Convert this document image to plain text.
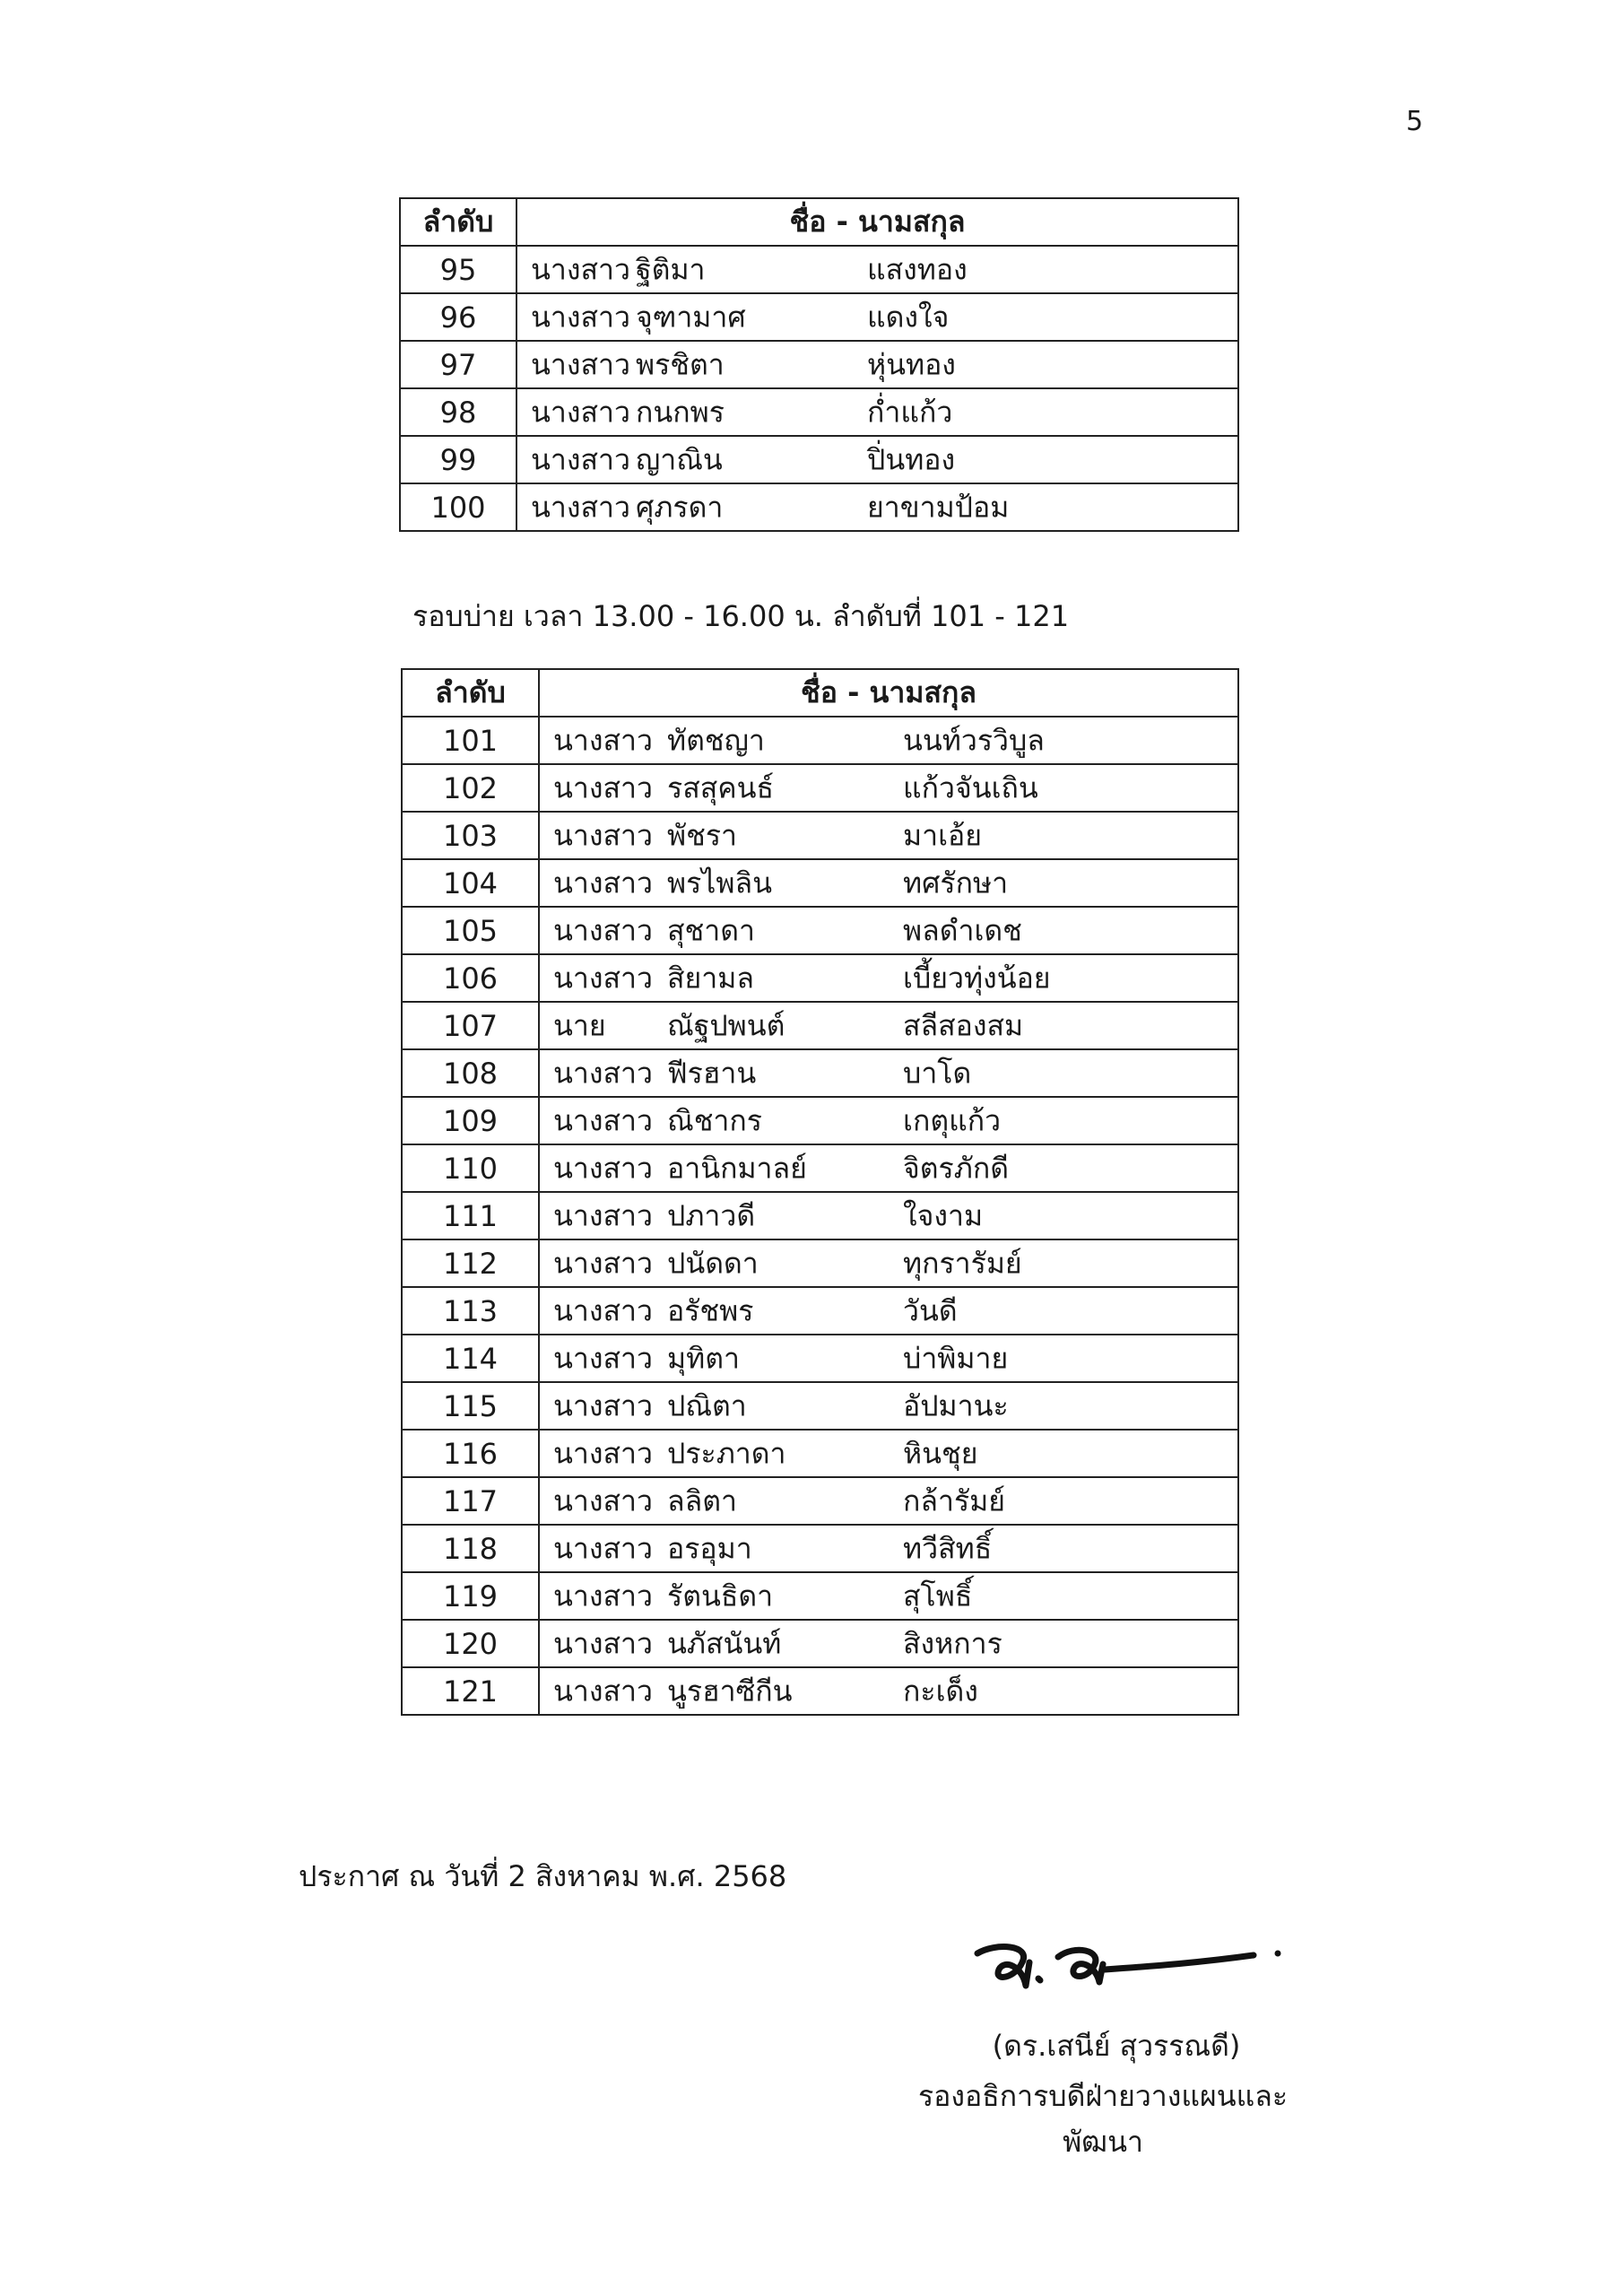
5
ลำดับ	ชื่อ - นามสกุล
95	นางสาว ฐิติมา แสงทอง

96	นางสาว จุฑามาศ แดงใจ

97	นางสาว พรชิตา หุ่นทอง

98	นางสาว กนกพร ก่ำแก้ว

99	นางสาว ญาณิน ปิ่นทอง

100	นางสาว ศุภรดา ยาขามป้อม
รอบบ่าย เวลา 13.00 - 16.00 น. ลำดับที่ 101 - 121
ลำดับ	ชื่อ - นามสกุล
101	นางสาว ทัตชญา นนท์วรวิบูล

102	นางสาว รสสุคนธ์ แก้วจันเถิน

103	นางสาว พัชรา มาเอ้ย

104	นางสาว พรไพลิน ทศรักษา

105	นางสาว สุชาดา พลดำเดช

106	นางสาว สิยามล เบี้ยวทุ่งน้อย

107	นาย ณัฐปพนต์ สลีสองสม

108	นางสาว ฟีรฮาน บาโด

109	นางสาว ณิชากร เกตุแก้ว

110	นางสาว อานิกมาลย์ จิตรภักดี

111	นางสาว ปภาวดี ใจงาม

112	นางสาว ปนัดดา ทุกรารัมย์

113	นางสาว อรัชพร วันดี

114	นางสาว มุทิตา บ่าพิมาย

115	นางสาว ปณิตา อัปมานะ

116	นางสาว ประภาดา หินชุย

117	นางสาว ลลิตา กล้ารัมย์

118	นางสาว อรอุมา ทวีสิทธิ์

119	นางสาว รัตนธิดา สุโพธิ์

120	นางสาว นภัสนันท์ สิงหการ

121	นางสาว นูรฮาซีกีน กะเด็ง
ประกาศ ณ วันที่ 2 สิงหาคม พ.ศ. 2568
(ดร.เสนีย์ สุวรรณดี)
รองอธิการบดีฝ่ายวางแผนและพัฒนา
